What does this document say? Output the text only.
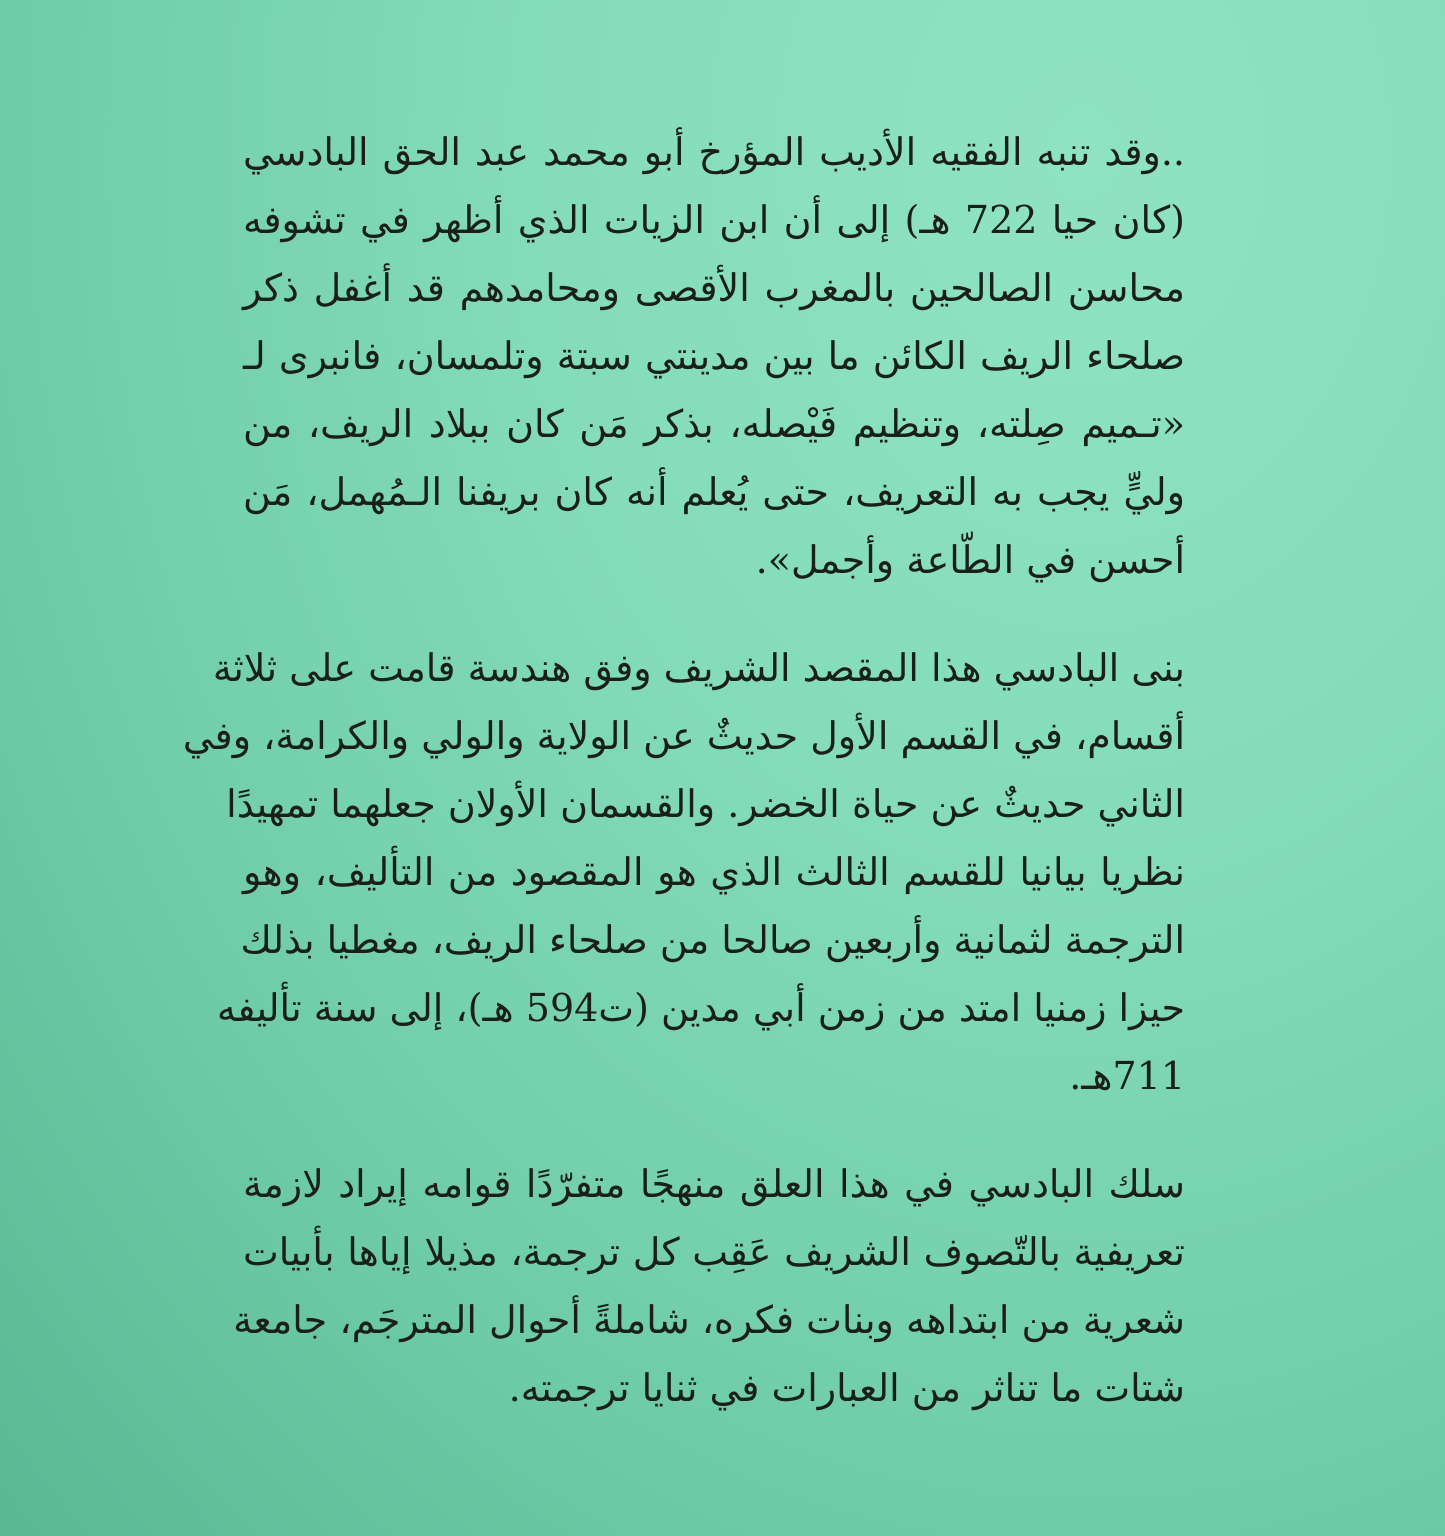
..وقد تنبه الفقيه الأديب المؤرخ أبو محمد عبد الحق البادسي
(كان حيا 722 هـ) إلى أن ابن الزيات الذي أظهر في تشوفه
محاسن الصالحين بالمغرب الأقصى ومحامدهم قد أغفل ذكر
صلحاء الريف الكائن ما بين مدينتي سبتة وتلمسان، فانبرى لـ
«تـميم صِلته، وتنظيم فَيْصله، بذكر مَن كان ببلاد الريف، من
وليٍّ يجب به التعريف، حتى يُعلم أنه كان بريفنا الـمُهمل، مَن
أحسن في الطّاعة وأجمل».

بنى البادسي هذا المقصد الشريف وفق هندسة قامت على ثلاثة
أقسام، في القسم الأول حديثٌ عن الولاية والولي والكرامة، وفي
الثاني حديثٌ عن حياة الخضر. والقسمان الأولان جعلهما تمهيدًا
نظريا بيانيا للقسم الثالث الذي هو المقصود من التأليف، وهو
الترجمة لثمانية وأربعين صالحا من صلحاء الريف، مغطيا بذلك
حيزا زمنيا امتد من زمن أبي مدين (ت594 هـ)، إلى سنة تأليفه
711هـ.

سلك البادسي في هذا العلق منهجًا متفرّدًا قوامه إيراد لازمة
تعريفية بالتّصوف الشريف عَقِب كل ترجمة، مذيلا إياها بأبيات
شعرية من ابتداهه وبنات فكره، شاملةً أحوال المترجَم، جامعة
شتات ما تناثر من العبارات في ثنايا ترجمته.
